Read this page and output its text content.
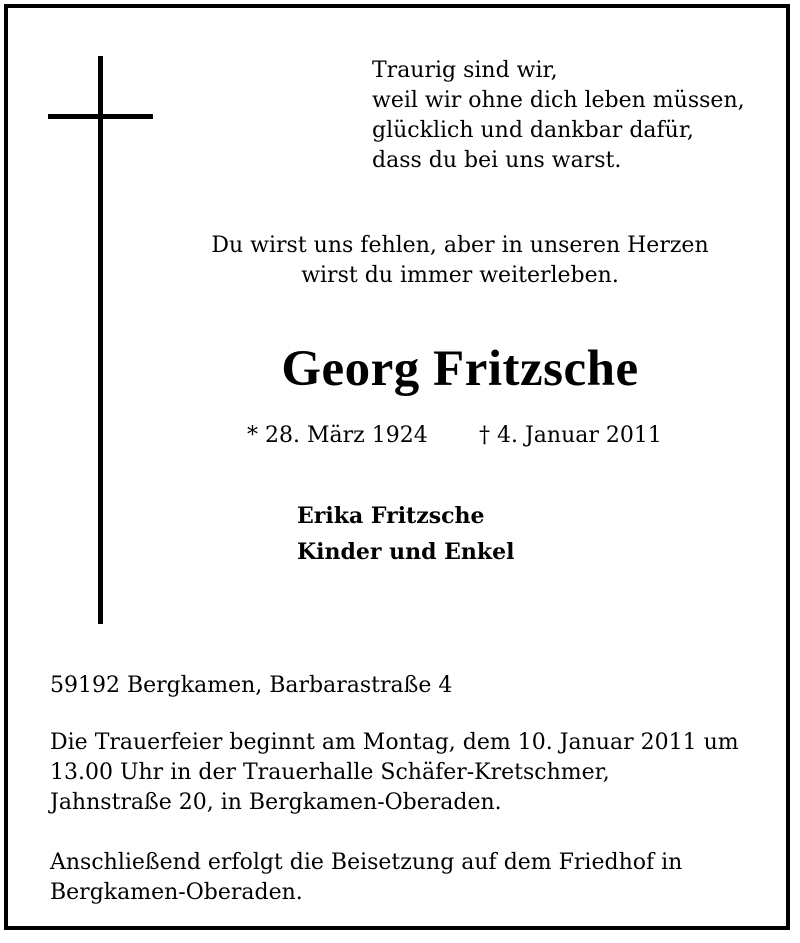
Traurig sind wir,
weil wir ohne dich leben müssen,
glücklich und dankbar dafür,
dass du bei uns warst.
Du wirst uns fehlen, aber in unseren Herzen
wirst du immer weiterleben.
Georg Fritzsche
* 28. März 1924 † 4. Januar 2011
Erika Fritzsche
Kinder und Enkel
59192 Bergkamen, Barbarastraße 4
Die Trauerfeier beginnt am Montag, dem 10. Januar 2011 um
13.00 Uhr in der Trauerhalle Schäfer-Kretschmer,
Jahnstraße 20, in Bergkamen-Oberaden.
Anschließend erfolgt die Beisetzung auf dem Friedhof in
Bergkamen-Oberaden.
